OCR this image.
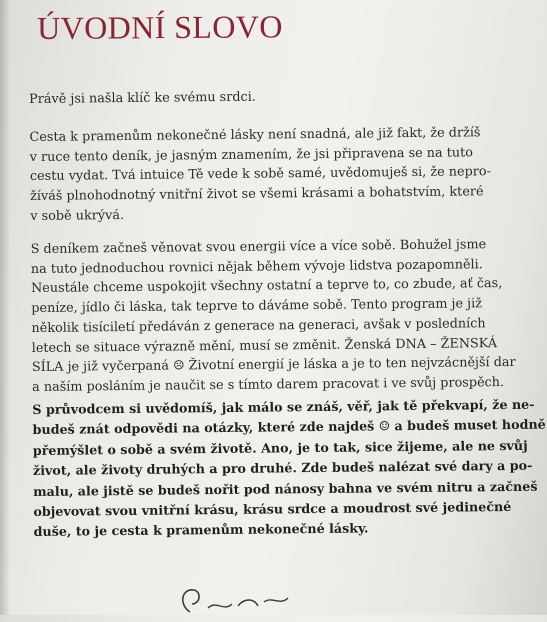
ÚVODNÍ SLOVO

Právě jsi našla klíč ke svému srdci.

Cesta k pramenům nekonečné lásky není snadná, ale již fakt, že držíš
v ruce tento deník, je jasným znamením, že jsi připravena se na tuto
cestu vydat. Tvá intuice Tě vede k sobě samé, uvědomuješ si, že nepro-
žíváš plnohodnotný vnitřní život se všemi krásami a bohatstvím, které
v sobě ukrývá.

S deníkem začneš věnovat svou energii více a více sobě. Bohužel jsme
na tuto jednoduchou rovnici nějak během vývoje lidstva pozapomněli.
Neustále chceme uspokojit všechny ostatní a teprve to, co zbude, ať čas,
peníze, jídlo či láska, tak teprve to dáváme sobě. Tento program je již
několik tisíciletí předáván z generace na generaci, avšak v posledních
letech se situace výrazně mění, musí se změnit. Ženská DNA – ŽENSKÁ
SÍLA je již vyčerpaná ☹ Životní energií je láska a je to ten nejvzácnější dar
a naším posláním je naučit se s tímto darem pracovat i ve svůj prospěch.

S průvodcem si uvědomíš, jak málo se znáš, věř, jak tě překvapí, že ne-
budeš znát odpovědi na otázky, které zde najdeš ☺ a budeš muset hodně
přemýšlet o sobě a svém životě. Ano, je to tak, sice žijeme, ale ne svůj
život, ale životy druhých a pro druhé. Zde budeš nalézat své dary a po-
malu, ale jistě se budeš nořit pod nánosy bahna ve svém nitru a začneš
objevovat svou vnitřní krásu, krásu srdce a moudrost své jedinečné
duše, to je cesta k pramenům nekonečné lásky.
